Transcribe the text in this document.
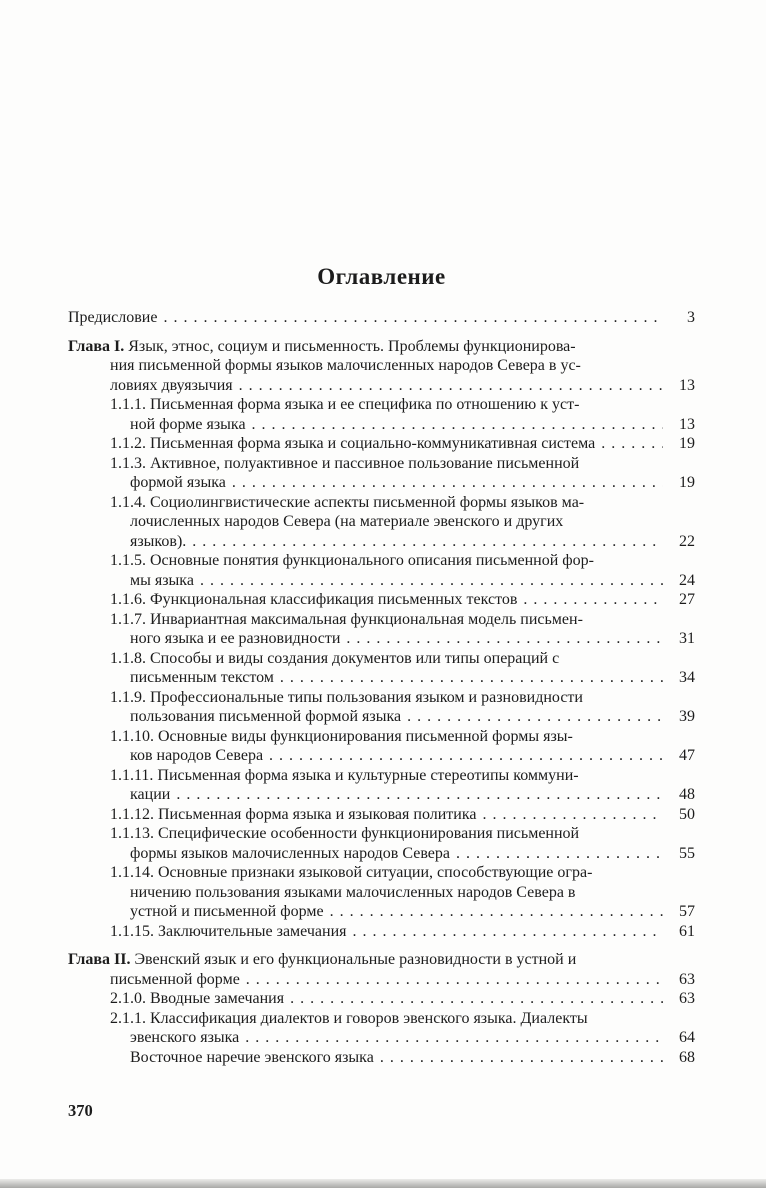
Оглавление
Предисловие . . .	3
Глава I. Язык, этнос, социум и письменность. Проблемы функционирова-
ния письменной формы языков малочисленных народов Севера в ус-
ловиях двуязычия . . .	13
1.1.1. Письменная форма языка и ее специфика по отношению к уст-
ной форме языка . . .	13
1.1.2. Письменная форма языка и социально-коммуникативная система . . .	19
1.1.3. Активное, полуактивное и пассивное пользование письменной
формой языка . . .	19
1.1.4. Социолингвистические аспекты письменной формы языков ма-
лочисленных народов Севера (на материале эвенского и других
языков). . . .	22
1.1.5. Основные понятия функционального описания письменной фор-
мы языка . . .	24
1.1.6. Функциональная классификация письменных текстов . . .	27
1.1.7. Инвариантная максимальная функциональная модель письмен-
ного языка и ее разновидности . . .	31
1.1.8. Способы и виды создания документов или типы операций с
письменным текстом . . .	34
1.1.9. Профессиональные типы пользования языком и разновидности
пользования письменной формой языка . . .	39
1.1.10. Основные виды функционирования письменной формы язы-
ков народов Севера . . .	47
1.1.11. Письменная форма языка и культурные стереотипы коммуни-
кации . . .	48
1.1.12. Письменная форма языка и языковая политика . . .	50
1.1.13. Специфические особенности функционирования письменной
формы языков малочисленных народов Севера . . .	55
1.1.14. Основные признаки языковой ситуации, способствующие огра-
ничению пользования языками малочисленных народов Севера в
устной и письменной форме . . .	57
1.1.15. Заключительные замечания . . .	61
Глава II. Эвенский язык и его функциональные разновидности в устной и
письменной форме . . .	63
2.1.0. Вводные замечания . . .	63
2.1.1. Классификация диалектов и говоров эвенского языка. Диалекты
эвенского языка . . .	64
Восточное наречие эвенского языка . . .	68
370
